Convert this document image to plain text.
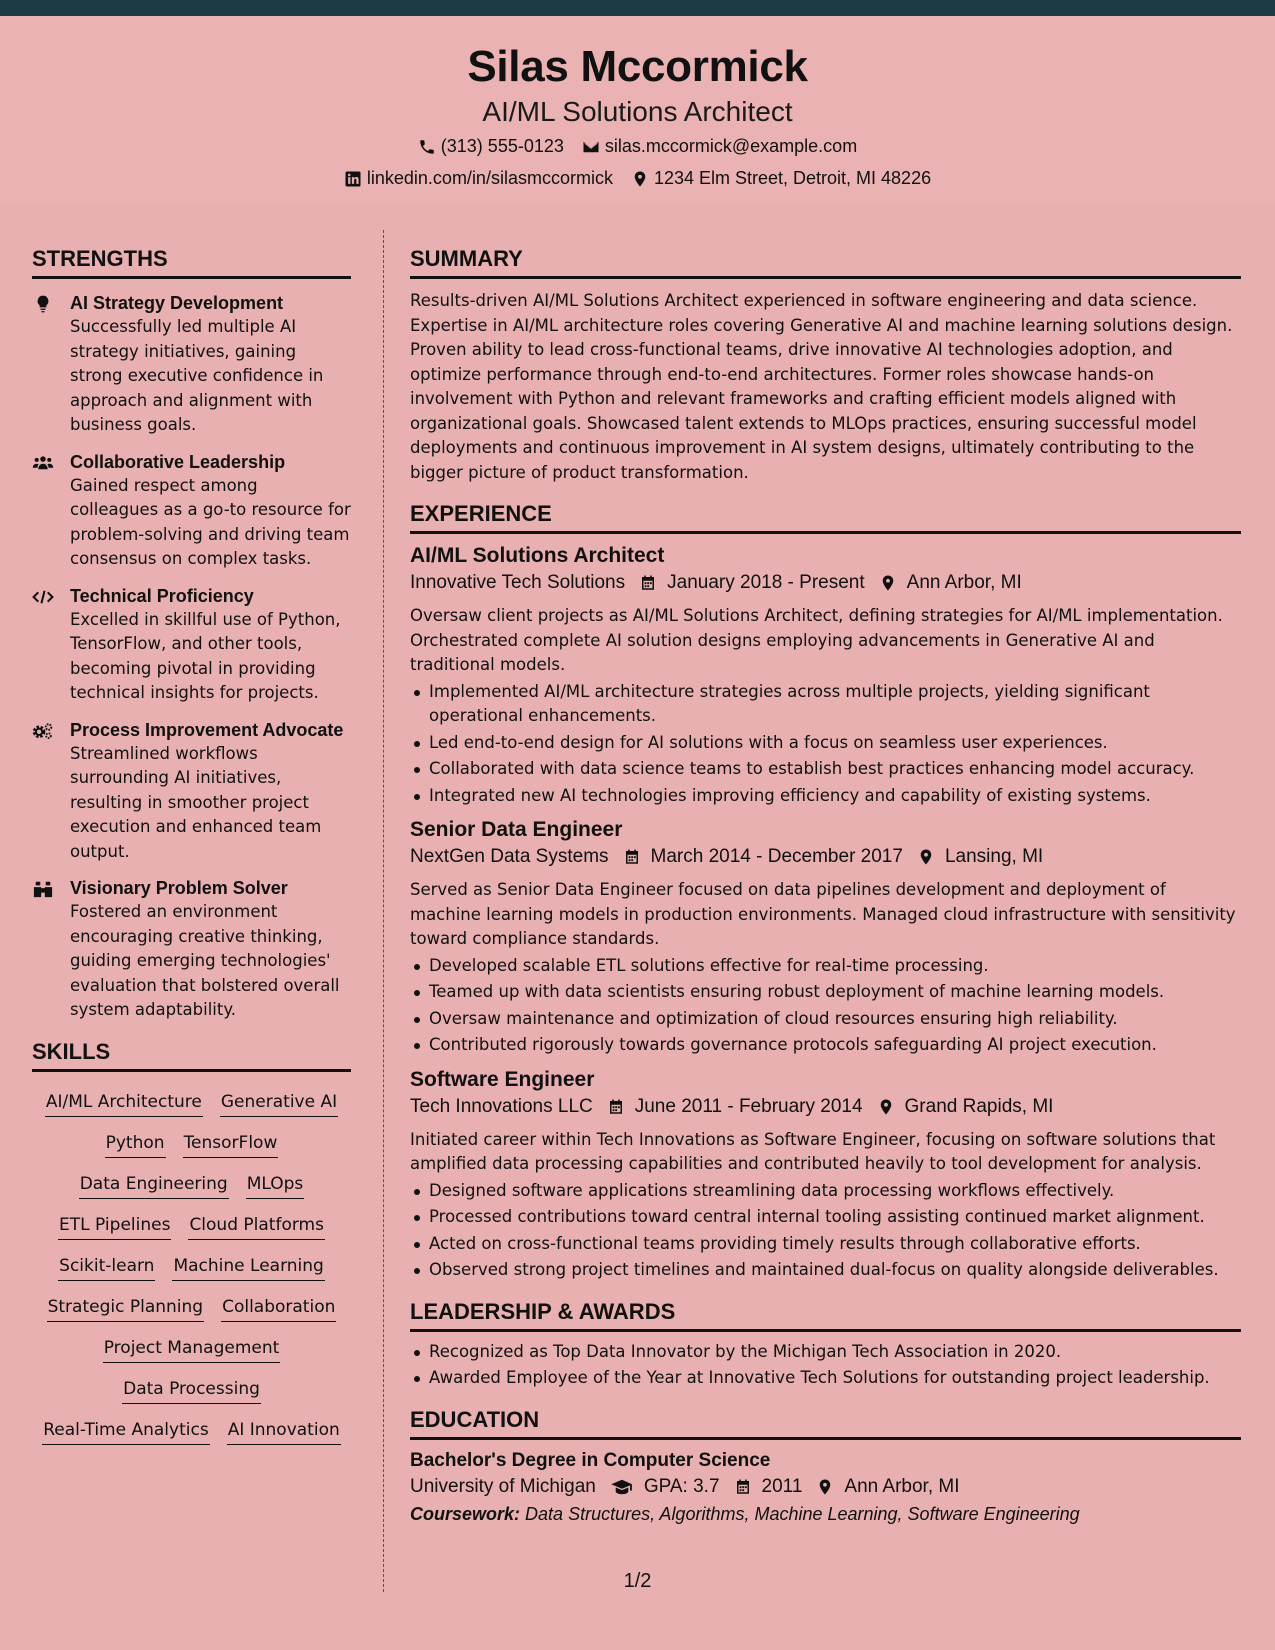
Silas Mccormick
AI/ML Solutions Architect
(313) 555-0123 silas.mccormick@example.com
linkedin.com/in/silasmccormick 1234 Elm Street, Detroit, MI 48226
STRENGTHS
AI Strategy Development
Successfully led multiple AI strategy initiatives, gaining strong executive confidence in approach and alignment with business goals.
Collaborative Leadership
Gained respect among colleagues as a go-to resource for problem-solving and driving team consensus on complex tasks.
Technical Proficiency
Excelled in skillful use of Python, TensorFlow, and other tools, becoming pivotal in providing technical insights for projects.
Process Improvement Advocate
Streamlined workflows surrounding AI initiatives, resulting in smoother project execution and enhanced team output.
Visionary Problem Solver
Fostered an environment encouraging creative thinking, guiding emerging technologies' evaluation that bolstered overall system adaptability.
SKILLS
AI/ML Architecture Generative AI
Python TensorFlow
Data Engineering MLOps
ETL Pipelines Cloud Platforms
Scikit-learn Machine Learning
Strategic Planning Collaboration
Project Management
Data Processing
Real-Time Analytics AI Innovation
SUMMARY
Results-driven AI/ML Solutions Architect experienced in software engineering and data science. Expertise in AI/ML architecture roles covering Generative AI and machine learning solutions design. Proven ability to lead cross-functional teams, drive innovative AI technologies adoption, and optimize performance through end-to-end architectures. Former roles showcase hands-on involvement with Python and relevant frameworks and crafting efficient models aligned with organizational goals. Showcased talent extends to MLOps practices, ensuring successful model deployments and continuous improvement in AI system designs, ultimately contributing to the bigger picture of product transformation.
EXPERIENCE
AI/ML Solutions Architect
Innovative Tech Solutions January 2018 - Present Ann Arbor, MI
Oversaw client projects as AI/ML Solutions Architect, defining strategies for AI/ML implementation. Orchestrated complete AI solution designs employing advancements in Generative AI and traditional models.
Implemented AI/ML architecture strategies across multiple projects, yielding significant operational enhancements.
Led end-to-end design for AI solutions with a focus on seamless user experiences.
Collaborated with data science teams to establish best practices enhancing model accuracy.
Integrated new AI technologies improving efficiency and capability of existing systems.
Senior Data Engineer
NextGen Data Systems March 2014 - December 2017 Lansing, MI
Served as Senior Data Engineer focused on data pipelines development and deployment of machine learning models in production environments. Managed cloud infrastructure with sensitivity toward compliance standards.
Developed scalable ETL solutions effective for real-time processing.
Teamed up with data scientists ensuring robust deployment of machine learning models.
Oversaw maintenance and optimization of cloud resources ensuring high reliability.
Contributed rigorously towards governance protocols safeguarding AI project execution.
Software Engineer
Tech Innovations LLC June 2011 - February 2014 Grand Rapids, MI
Initiated career within Tech Innovations as Software Engineer, focusing on software solutions that amplified data processing capabilities and contributed heavily to tool development for analysis.
Designed software applications streamlining data processing workflows effectively.
Processed contributions toward central internal tooling assisting continued market alignment.
Acted on cross-functional teams providing timely results through collaborative efforts.
Observed strong project timelines and maintained dual-focus on quality alongside deliverables.
LEADERSHIP & AWARDS
Recognized as Top Data Innovator by the Michigan Tech Association in 2020.
Awarded Employee of the Year at Innovative Tech Solutions for outstanding project leadership.
EDUCATION
Bachelor's Degree in Computer Science
University of Michigan	GPA: 3.7 2011 Ann Arbor, MI
Coursework: Data Structures, Algorithms, Machine Learning, Software Engineering
1/2
